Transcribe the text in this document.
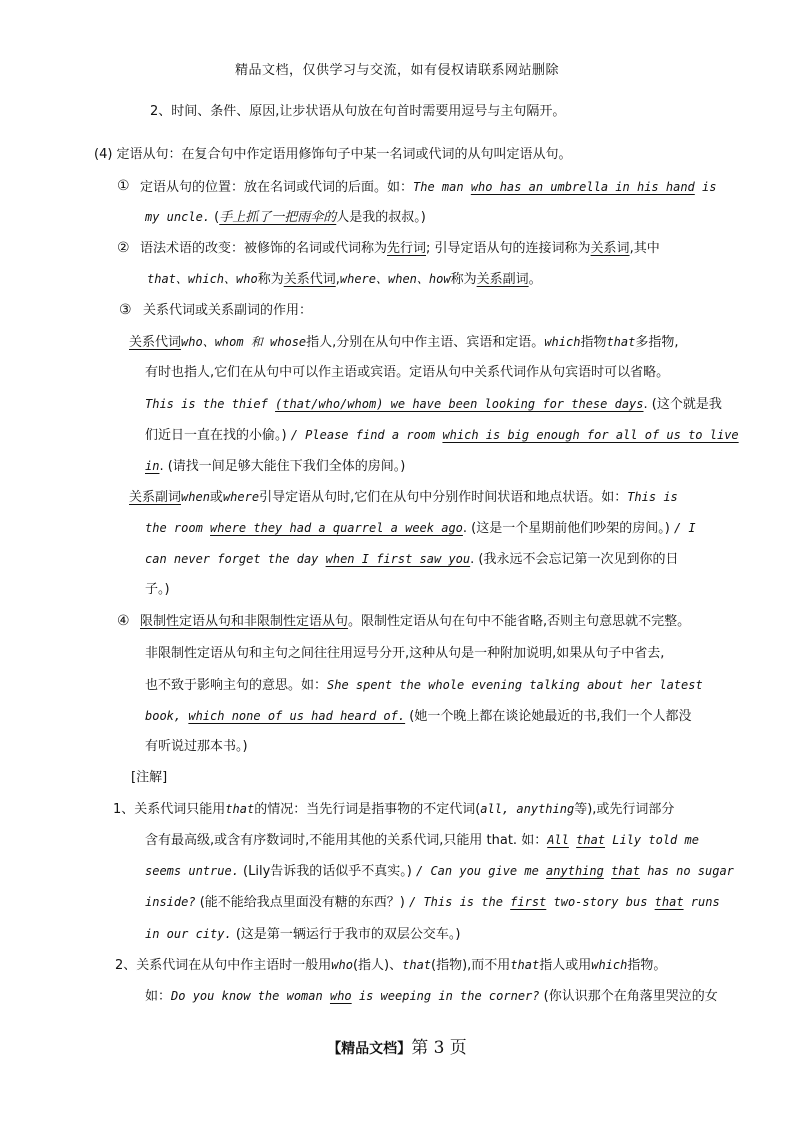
精品文档，仅供学习与交流，如有侵权请联系网站删除
2、时间、条件、原因,让步状语从句放在句首时需要用逗号与主句隔开。
(4) 定语从句：在复合句中作定语用修饰句子中某一名词或代词的从句叫定语从句。
① 定语从句的位置：放在名词或代词的后面。如：The man who has an umbrella in his hand is
my uncle. (手上抓了一把雨伞的人是我的叔叔。)
② 语法术语的改变：被修饰的名词或代词称为先行词; 引导定语从句的连接词称为关系词,其中
that、which、who称为关系代词,where、when、how称为关系副词。
③ 关系代词或关系副词的作用：
关系代词who、whom 和 whose指人,分别在从句中作主语、宾语和定语。which指物that多指物,
有时也指人,它们在从句中可以作主语或宾语。定语从句中关系代词作从句宾语时可以省略。
This is the thief (that/who/whom) we have been looking for these days. (这个就是我
们近日一直在找的小偷。) / Please find a room which is big enough for all of us to live
in. (请找一间足够大能住下我们全体的房间。)
关系副词when或where引导定语从句时,它们在从句中分别作时间状语和地点状语。如：This is
the room where they had a quarrel a week ago. (这是一个星期前他们吵架的房间。) / I
can never forget the day when I first saw you. (我永远不会忘记第一次见到你的日
子。)
④ 限制性定语从句和非限制性定语从句。限制性定语从句在句中不能省略,否则主句意思就不完整。
非限制性定语从句和主句之间往往用逗号分开,这种从句是一种附加说明,如果从句子中省去,
也不致于影响主句的意思。如：She spent the whole evening talking about her latest
book, which none of us had heard of. (她一个晚上都在谈论她最近的书,我们一个人都没
有听说过那本书。)
[注解]
1、关系代词只能用that的情况：当先行词是指事物的不定代词(all, anything等),或先行词部分
含有最高级,或含有序数词时,不能用其他的关系代词,只能用 that. 如：All that Lily told me
seems untrue. (Lily告诉我的话似乎不真实。) / Can you give me anything that has no sugar
inside? (能不能给我点里面没有糖的东西？) / This is the first two-story bus that runs
in our city. (这是第一辆运行于我市的双层公交车。)
2、关系代词在从句中作主语时一般用who(指人)、that(指物),而不用that指人或用which指物。
如：Do you know the woman who is weeping in the corner? (你认识那个在角落里哭泣的女
【精品文档】第 3 页
